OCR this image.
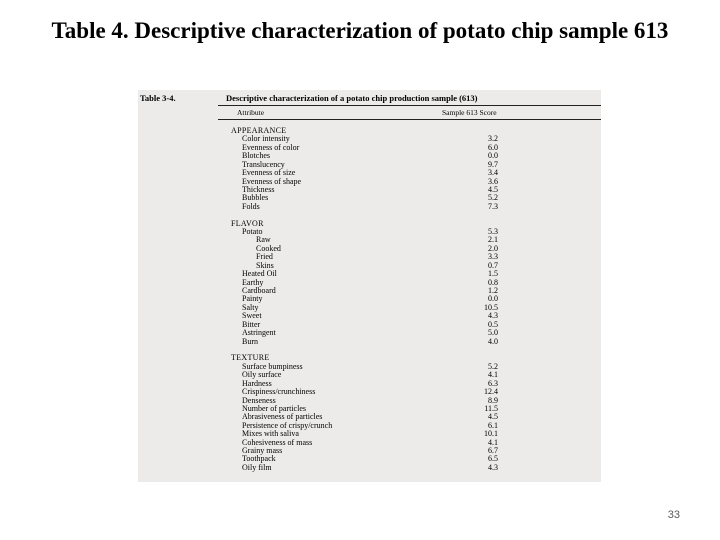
Table 4. Descriptive characterization of potato chip sample 613
Table 3-4.	Descriptive characterization of a potato chip production sample (613)
Attribute	Sample 613 Score
APPEARANCE
Color intensity	3.2
Evenness of color	6.0
Blotches	0.0
Translucency	9.7
Evenness of size	3.4
Evenness of shape	3.6
Thickness	4.5
Bubbles	5.2
Folds	7.3
FLAVOR
Potato	5.3
Raw	2.1
Cooked	2.0
Fried	3.3
Skins	0.7
Heated Oil	1.5
Earthy	0.8
Cardboard	1.2
Painty	0.0
Salty	10.5
Sweet	4.3
Bitter	0.5
Astringent	5.0
Burn	4.0
TEXTURE
Surface bumpiness	5.2
Oily surface	4.1
Hardness	6.3
Crispiness/crunchiness	12.4
Denseness	8.9
Number of particles	11.5
Abrasiveness of particles	4.5
Persistence of crispy/crunch	6.1
Mixes with saliva	10.1
Cohesiveness of mass	4.1
Grainy mass	6.7
Toothpack	6.5
Oily film	4.3
33
